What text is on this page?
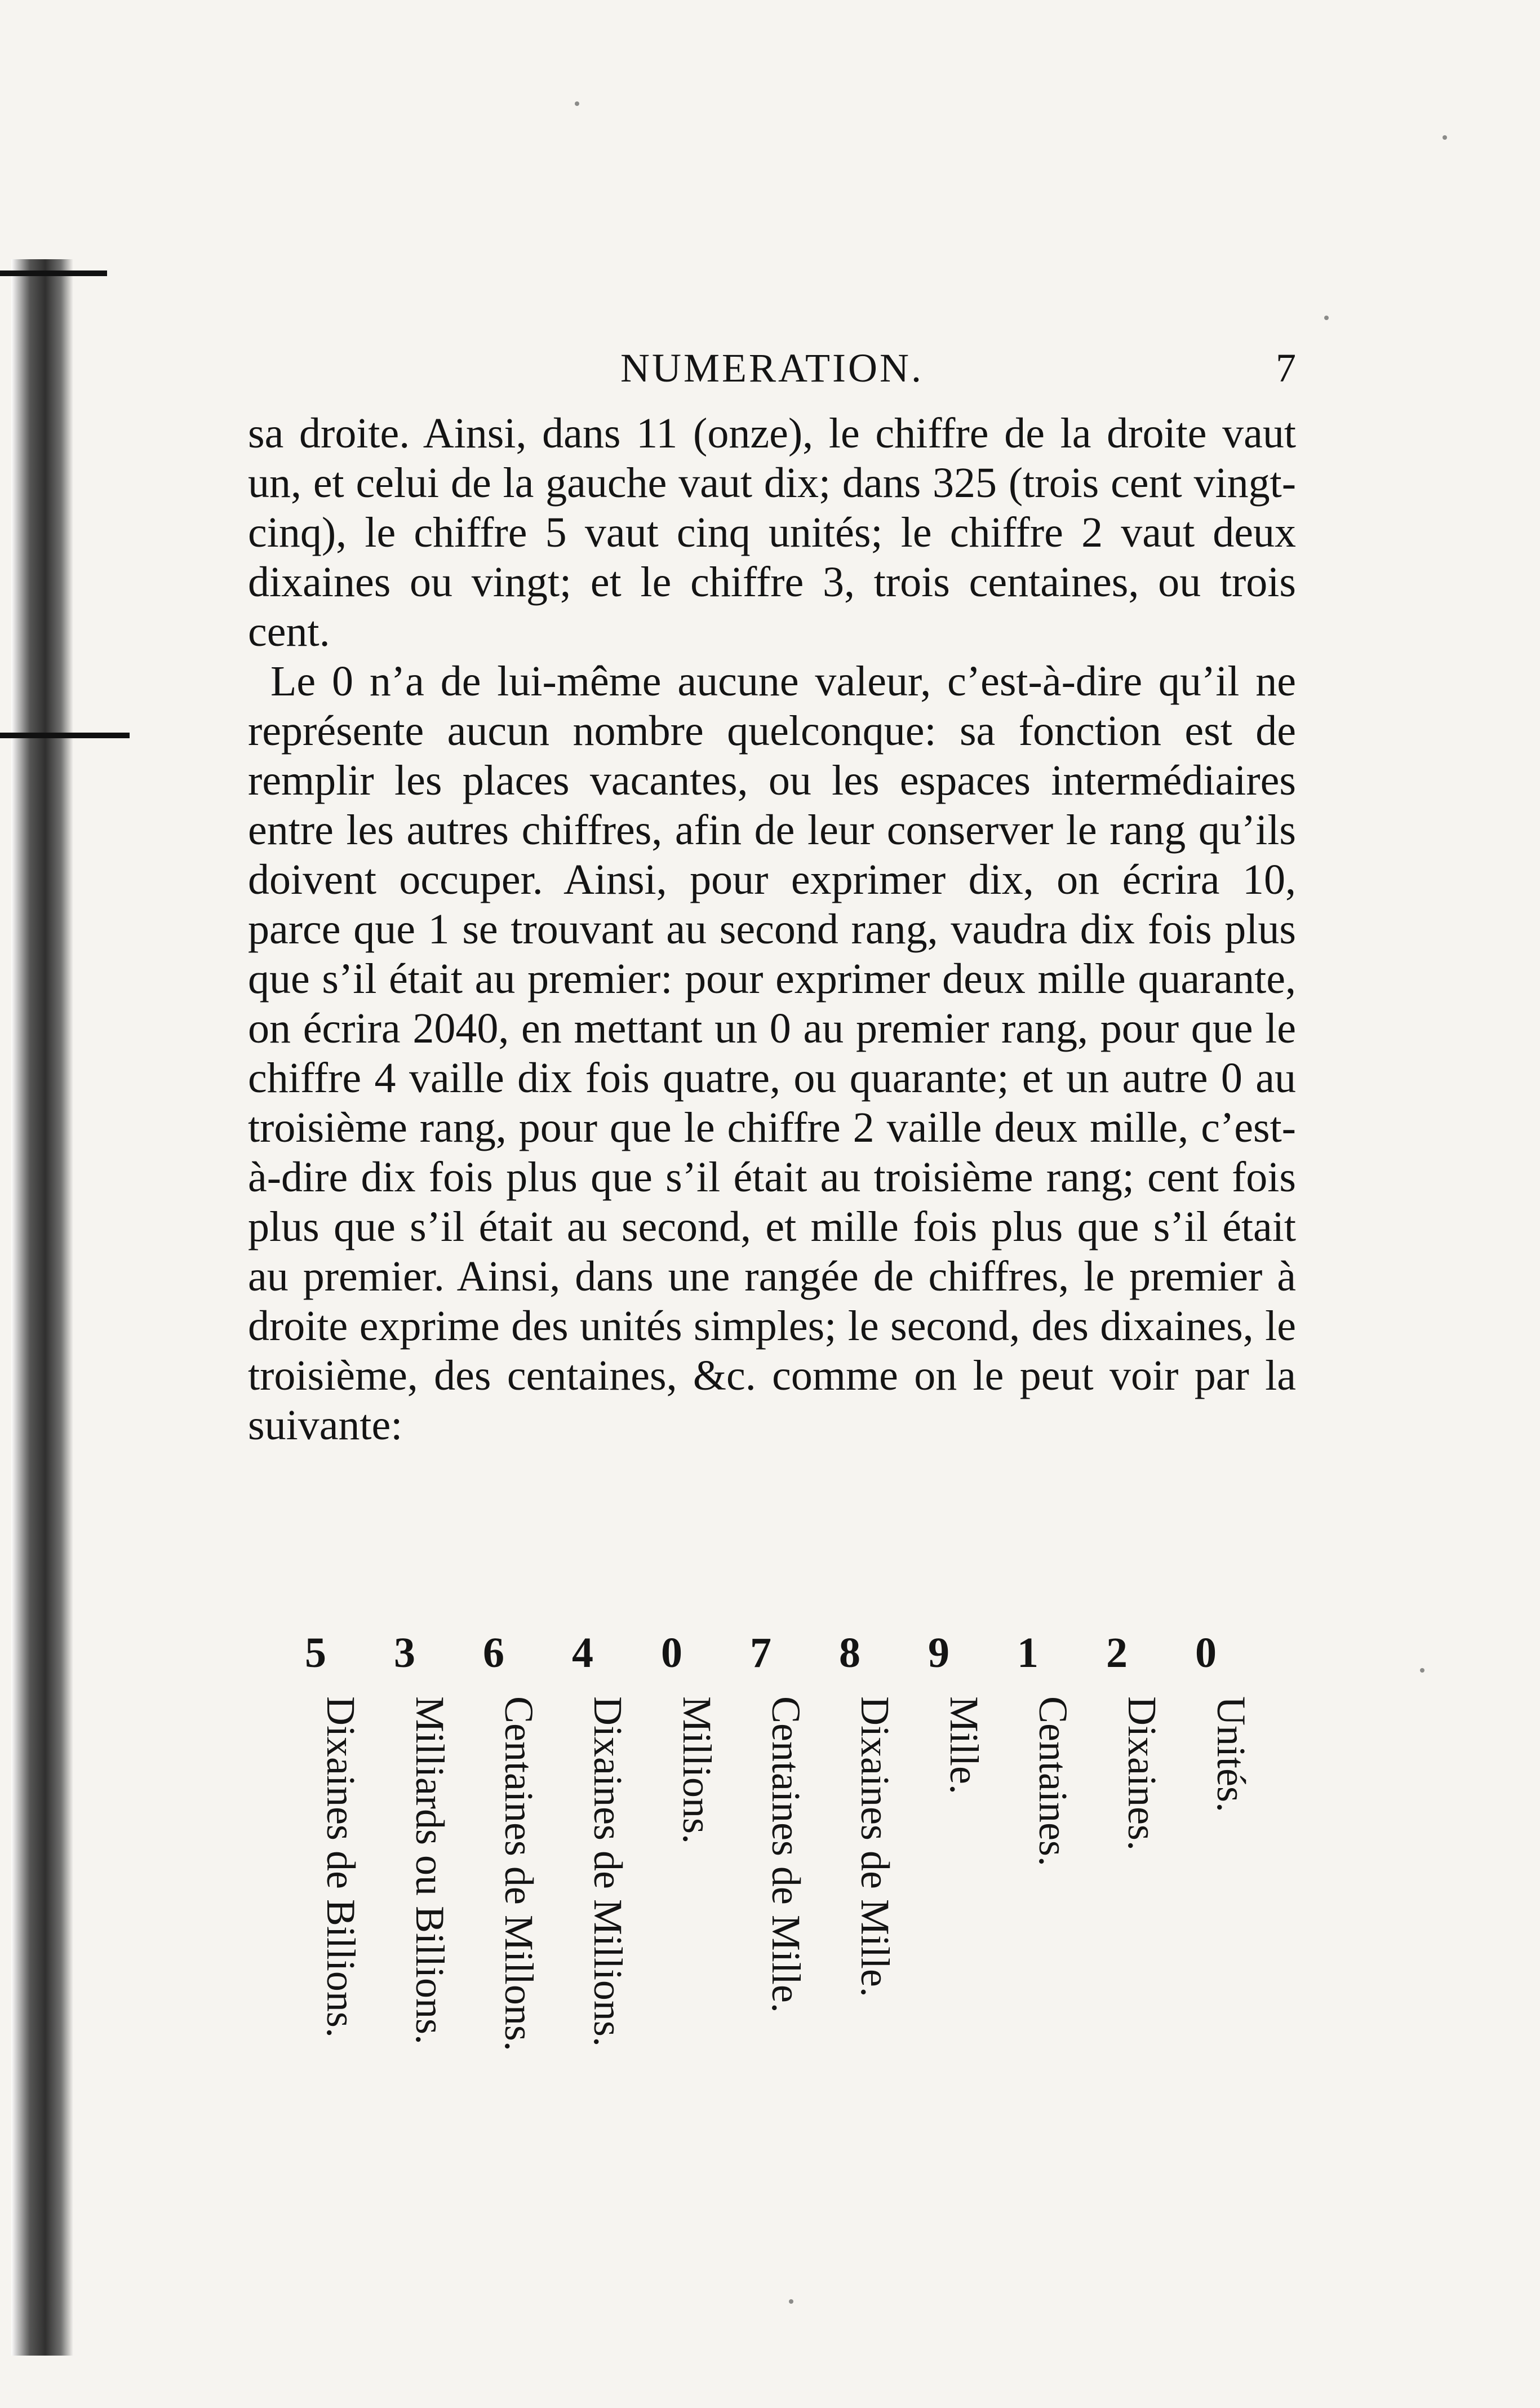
NUMERATION.	7

sa droite. Ainsi, dans 11 (onze), le chiffre de la droite vaut un, et celui de la gauche vaut dix; dans 325 (trois cent vingt-cinq), le chiffre 5 vaut cinq unités; le chiffre 2 vaut deux dixaines ou vingt; et le chiffre 3, trois centaines, ou trois cent.

Le 0 n’a de lui-même aucune valeur, c’est-à-dire qu’il ne représente aucun nombre quelconque: sa fonction est de remplir les places vacantes, ou les espaces intermédiaires entre les autres chiffres, afin de leur conserver le rang qu’ils doivent occuper. Ainsi, pour exprimer dix, on écrira 10, parce que 1 se trouvant au second rang, vaudra dix fois plus que s’il était au premier: pour exprimer deux mille quarante, on écrira 2040, en mettant un 0 au premier rang, pour que le chiffre 4 vaille dix fois quatre, ou quarante; et un autre 0 au troisième rang, pour que le chiffre 2 vaille deux mille, c’est-à-dire dix fois plus que s’il était au troisième rang; cent fois plus que s’il était au second, et mille fois plus que s’il était au premier. Ainsi, dans une rangée de chiffres, le premier à droite exprime des unités simples; le second, des dixaines, le troisième, des centaines, &c. comme on le peut voir par la suivante:

5 3 6 4 0 7 8 9 1 2 0
Dixaines de Billions. Milliards ou Billions. Centaines de Millons. Dixaines de Millions. Millions. Centaines de Mille. Dixaines de Mille. Mille. Centaines. Dixaines. Unités.
